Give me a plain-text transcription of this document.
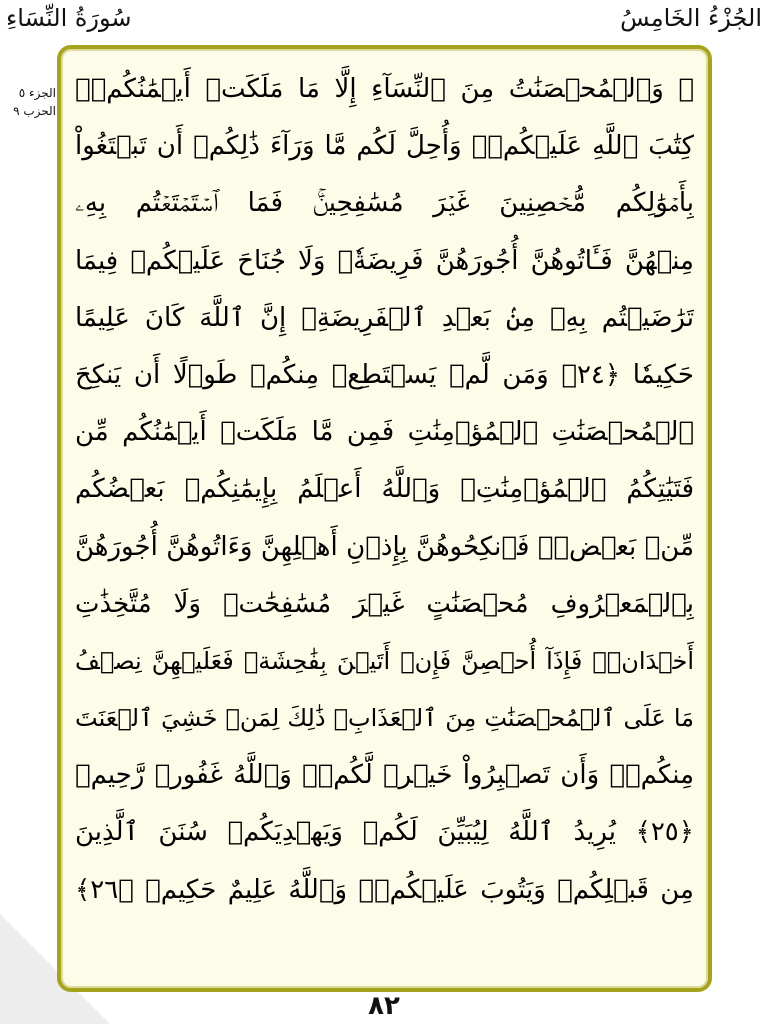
الجُزْءُ الخَامِسُ
سُورَةُ النِّسَاءِ
الجزء ٥
الحزب ٩
۞ وَٱلۡمُحۡصَنَٰتُ مِنَ ٱلنِّسَآءِ إِلَّا مَا مَلَكَتۡ أَيۡمَٰنُكُمۡۖ
كِتَٰبَ ٱللَّهِ عَلَيۡكُمۡۚ وَأُحِلَّ لَكُم مَّا وَرَآءَ ذَٰلِكُمۡ أَن تَبۡتَغُواْ
بِأَمۡوَٰلِكُم مُّحۡصِنِينَ غَيۡرَ مُسَٰفِحِينَۚ فَمَا ٱسۡتَمۡتَعۡتُم بِهِۦ
مِنۡهُنَّ فَـَٔاتُوهُنَّ أُجُورَهُنَّ فَرِيضَةٗۚ وَلَا جُنَاحَ عَلَيۡكُمۡ فِيمَا
تَرَٰضَيۡتُم بِهِۦ مِنۢ بَعۡدِ ٱلۡفَرِيضَةِۚ إِنَّ ٱللَّهَ كَانَ عَلِيمًا
حَكِيمٗا ﴿٢٤﴾ وَمَن لَّمۡ يَسۡتَطِعۡ مِنكُمۡ طَوۡلًا أَن يَنكِحَ
ٱلۡمُحۡصَنَٰتِ ٱلۡمُؤۡمِنَٰتِ فَمِن مَّا مَلَكَتۡ أَيۡمَٰنُكُم مِّن
فَتَيَٰتِكُمُ ٱلۡمُؤۡمِنَٰتِۚ وَٱللَّهُ أَعۡلَمُ بِإِيمَٰنِكُمۚ بَعۡضُكُم
مِّنۢ بَعۡضٖۚ فَٱنكِحُوهُنَّ بِإِذۡنِ أَهۡلِهِنَّ وَءَاتُوهُنَّ أُجُورَهُنَّ
بِٱلۡمَعۡرُوفِ مُحۡصَنَٰتٍ غَيۡرَ مُسَٰفِحَٰتٖ وَلَا مُتَّخِذَٰتِ
أَخۡدَانٖۚ فَإِذَآ أُحۡصِنَّ فَإِنۡ أَتَيۡنَ بِفَٰحِشَةٖ فَعَلَيۡهِنَّ نِصۡفُ
مَا عَلَى ٱلۡمُحۡصَنَٰتِ مِنَ ٱلۡعَذَابِۚ ذَٰلِكَ لِمَنۡ خَشِيَ ٱلۡعَنَتَ
مِنكُمۡۚ وَأَن تَصۡبِرُواْ خَيۡرٞ لَّكُمۡۗ وَٱللَّهُ غَفُورٞ رَّحِيمٞ
﴿٢٥﴾ يُرِيدُ ٱللَّهُ لِيُبَيِّنَ لَكُمۡ وَيَهۡدِيَكُمۡ سُنَنَ ٱلَّذِينَ
مِن قَبۡلِكُمۡ وَيَتُوبَ عَلَيۡكُمۡۗ وَٱللَّهُ عَلِيمٌ حَكِيمٞ ﴿٢٦﴾
٨٢
